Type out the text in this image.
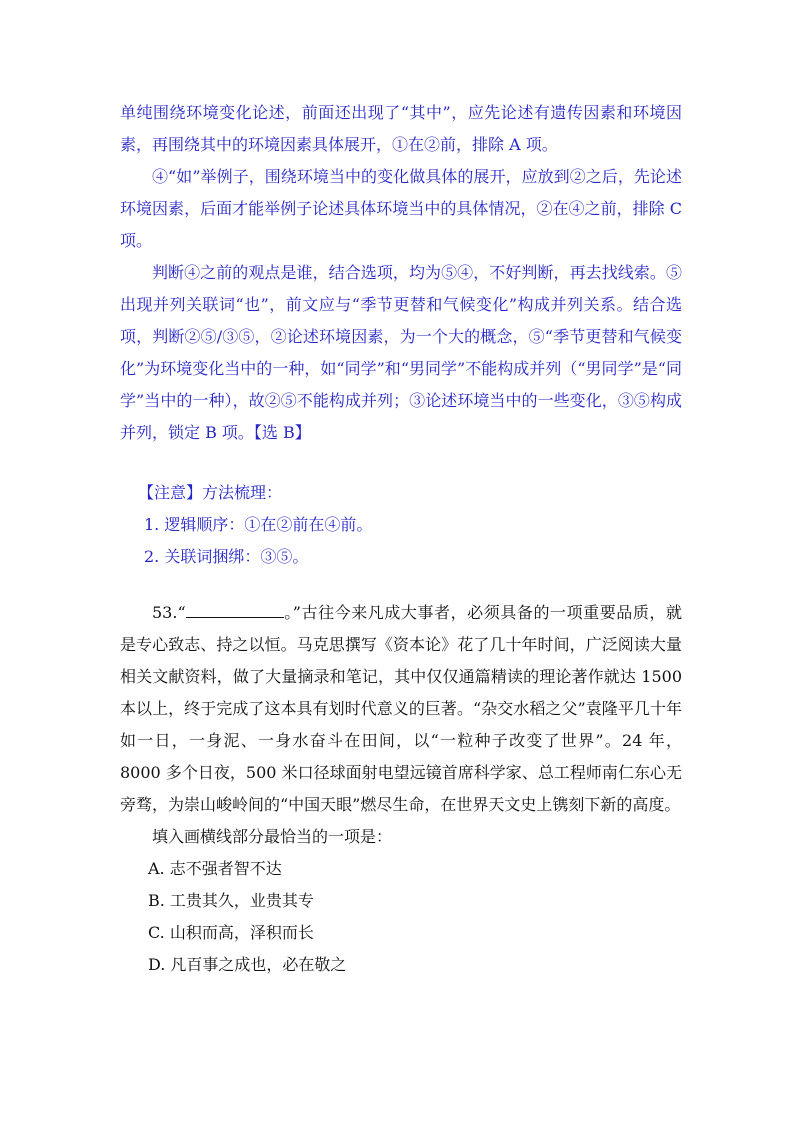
单纯围绕环境变化论述，前面还出现了“其中”，应先论述有遗传因素和环境因素，再围绕其中的环境因素具体展开，①在②前，排除 A 项。

④“如”举例子，围绕环境当中的变化做具体的展开，应放到②之后，先论述环境因素，后面才能举例子论述具体环境当中的具体情况，②在④之前，排除 C 项。

判断④之前的观点是谁，结合选项，均为⑤④，不好判断，再去找线索。⑤出现并列关联词“也”，前文应与“季节更替和气候变化”构成并列关系。结合选项，判断②⑤/③⑤，②论述环境因素，为一个大的概念，⑤“季节更替和气候变化”为环境变化当中的一种，如“同学”和“男同学”不能构成并列（“男同学”是“同学”当中的一种），故②⑤不能构成并列；③论述环境当中的一些变化，③⑤构成并列，锁定 B 项。【选 B】

【注意】方法梳理：

1. 逻辑顺序：①在②前在④前。

2. 关联词捆绑：③⑤。

53.“	。”古往今来凡成大事者，必须具备的一项重要品质，就是专心致志、持之以恒。马克思撰写《资本论》花了几十年时间，广泛阅读大量相关文献资料，做了大量摘录和笔记，其中仅仅通篇精读的理论著作就达 1500 本以上，终于完成了这本具有划时代意义的巨著。“杂交水稻之父”袁隆平几十年如一日，一身泥、一身水奋斗在田间，以“一粒种子改变了世界”。24 年，8000 多个日夜，500 米口径球面射电望远镜首席科学家、总工程师南仁东心无旁骛，为崇山峻岭间的“中国天眼”燃尽生命，在世界天文史上镌刻下新的高度。

填入画横线部分最恰当的一项是：

A. 志不强者智不达

B. 工贵其久，业贵其专

C. 山积而高，泽积而长

D. 凡百事之成也，必在敬之
